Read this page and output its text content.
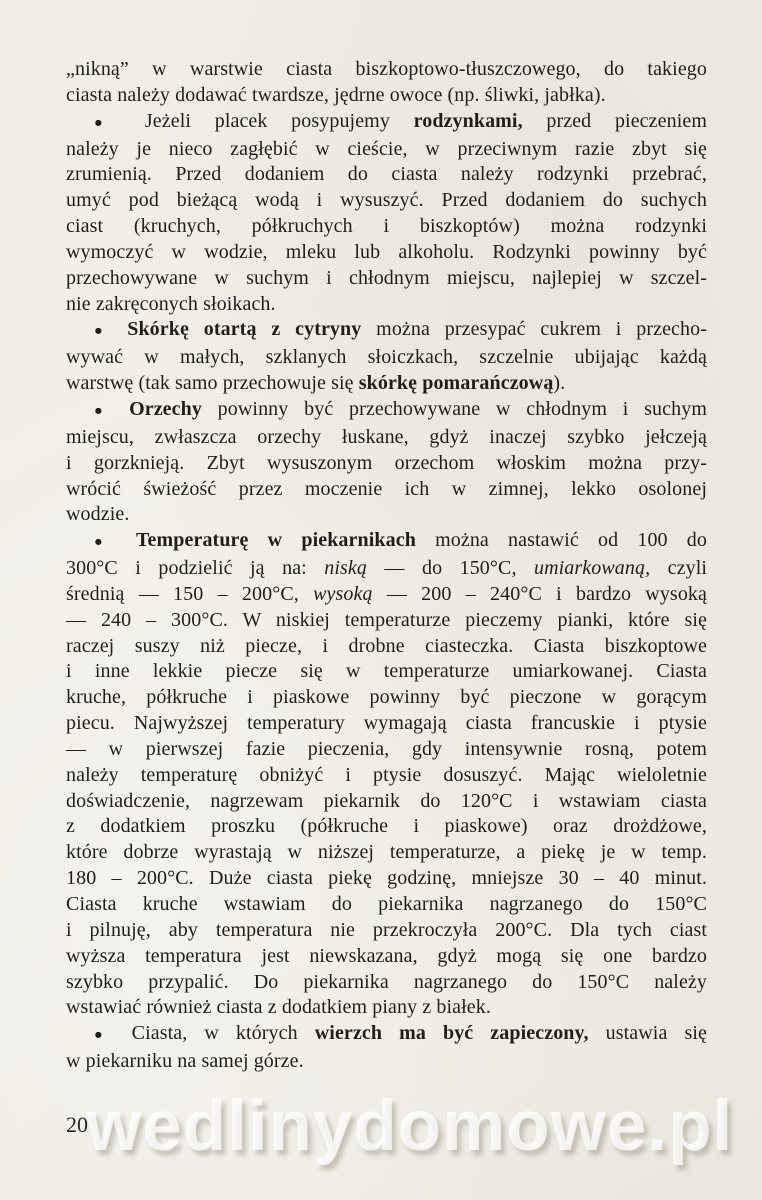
„nikną” w warstwie ciasta biszkoptowo-tłuszczowego, do takiego
ciasta należy dodawać twardsze, jędrne owoce (np. śliwki, jabłka).
● Jeżeli placek posypujemy rodzynkami, przed pieczeniem
należy je nieco zagłębić w cieście, w przeciwnym razie zbyt się
zrumienią. Przed dodaniem do ciasta należy rodzynki przebrać,
umyć pod bieżącą wodą i wysuszyć. Przed dodaniem do suchych
ciast (kruchych, półkruchych i biszkoptów) można rodzynki
wymoczyć w wodzie, mleku lub alkoholu. Rodzynki powinny być
przechowywane w suchym i chłodnym miejscu, najlepiej w szczel-
nie zakręconych słoikach.
● Skórkę otartą z cytryny można przesypać cukrem i przecho-
wywać w małych, szklanych słoiczkach, szczelnie ubijając każdą
warstwę (tak samo przechowuje się skórkę pomarańczową).
● Orzechy powinny być przechowywane w chłodnym i suchym
miejscu, zwłaszcza orzechy łuskane, gdyż inaczej szybko jełczeją
i gorzknieją. Zbyt wysuszonym orzechom włoskim można przy-
wrócić świeżość przez moczenie ich w zimnej, lekko osolonej
wodzie.
● Temperaturę w piekarnikach można nastawić od 100 do
300°C i podzielić ją na: niską — do 150°C, umiarkowaną, czyli
średnią — 150 – 200°C, wysoką — 200 – 240°C i bardzo wysoką
— 240 – 300°C. W niskiej temperaturze pieczemy pianki, które się
raczej suszy niż piecze, i drobne ciasteczka. Ciasta biszkoptowe
i inne lekkie piecze się w temperaturze umiarkowanej. Ciasta
kruche, półkruche i piaskowe powinny być pieczone w gorącym
piecu. Najwyższej temperatury wymagają ciasta francuskie i ptysie
— w pierwszej fazie pieczenia, gdy intensywnie rosną, potem
należy temperaturę obniżyć i ptysie dosuszyć. Mając wieloletnie
doświadczenie, nagrzewam piekarnik do 120°C i wstawiam ciasta
z dodatkiem proszku (półkruche i piaskowe) oraz drożdżowe,
które dobrze wyrastają w niższej temperaturze, a piekę je w temp.
180 – 200°C. Duże ciasta piekę godzinę, mniejsze 30 – 40 minut.
Ciasta kruche wstawiam do piekarnika nagrzanego do 150°C
i pilnuję, aby temperatura nie przekroczyła 200°C. Dla tych ciast
wyższa temperatura jest niewskazana, gdyż mogą się one bardzo
szybko przypalić. Do piekarnika nagrzanego do 150°C należy
wstawiać również ciasta z dodatkiem piany z białek.
● Ciasta, w których wierzch ma być zapieczony, ustawia się
w piekarniku na samej górze.
wedlinydomowe.pl
20
